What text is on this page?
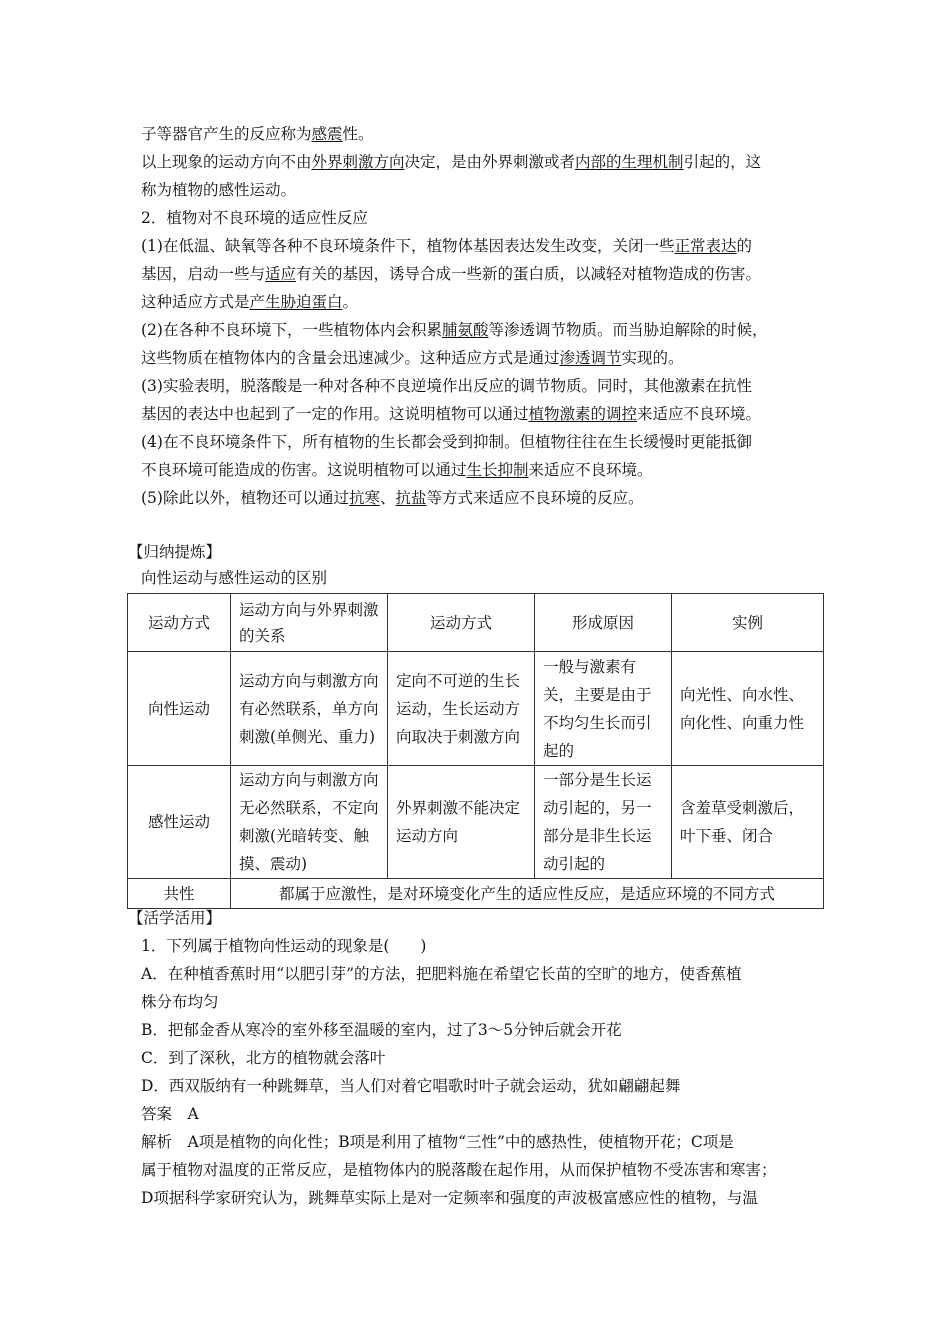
子等器官产生的反应称为感震性。
以上现象的运动方向不由外界刺激方向决定，是由外界刺激或者内部的生理机制引起的，这
称为植物的感性运动。
2．植物对不良环境的适应性反应
(1)在低温、缺氧等各种不良环境条件下，植物体基因表达发生改变，关闭一些正常表达的
基因，启动一些与适应有关的基因，诱导合成一些新的蛋白质，以减轻对植物造成的伤害。
这种适应方式是产生胁迫蛋白。
(2)在各种不良环境下，一些植物体内会积累脯氨酸等渗透调节物质。而当胁迫解除的时候，
这些物质在植物体内的含量会迅速减少。这种适应方式是通过渗透调节实现的。
(3)实验表明，脱落酸是一种对各种不良逆境作出反应的调节物质。同时，其他激素在抗性
基因的表达中也起到了一定的作用。这说明植物可以通过植物激素的调控来适应不良环境。
(4)在不良环境条件下，所有植物的生长都会受到抑制。但植物往往在生长缓慢时更能抵御
不良环境可能造成的伤害。这说明植物可以通过生长抑制来适应不良环境。
(5)除此以外，植物还可以通过抗寒、抗盐等方式来适应不良环境的反应。
【归纳提炼】
向性运动与感性运动的区别
运动方式	运动方向与外界刺激的关系	运动方式	形成原因	实例
向性运动	运动方向与刺激方向有必然联系，单方向刺激(单侧光、重力)	定向不可逆的生长运动，生长运动方向取决于刺激方向	一般与激素有关，主要是由于不均匀生长而引起的	向光性、向水性、向化性、向重力性
感性运动	运动方向与刺激方向无必然联系，不定向刺激(光暗转变、触摸、震动)	外界刺激不能决定运动方向	一部分是生长运动引起的，另一部分是非生长运动引起的	含羞草受刺激后，叶下垂、闭合
共性	都属于应激性，是对环境变化产生的适应性反应，是适应环境的不同方式			
【活学活用】
1．下列属于植物向性运动的现象是(　　)
A．在种植香蕉时用“以肥引芽”的方法，把肥料施在希望它长苗的空旷的地方，使香蕉植
株分布均匀
B．把郁金香从寒冷的室外移至温暖的室内，过了3～5分钟后就会开花
C．到了深秋，北方的植物就会落叶
D．西双版纳有一种跳舞草，当人们对着它唱歌时叶子就会运动，犹如翩翩起舞
答案　A
解析　A项是植物的向化性；B项是利用了植物“三性”中的感热性，使植物开花；C项是
属于植物对温度的正常反应，是植物体内的脱落酸在起作用，从而保护植物不受冻害和寒害；
D项据科学家研究认为，跳舞草实际上是对一定频率和强度的声波极富感应性的植物，与温
